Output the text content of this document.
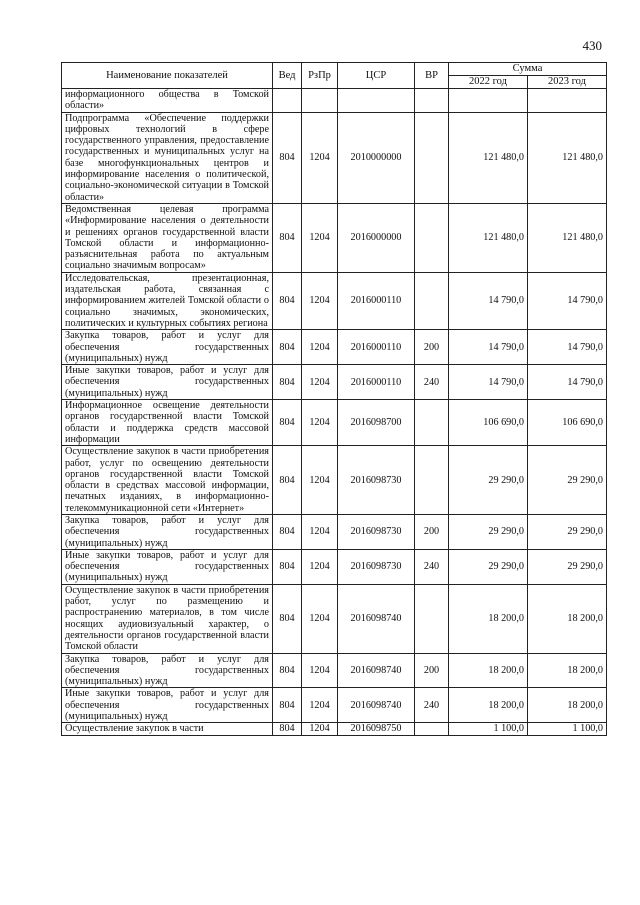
430
Наименование показателей	Вед	РзПр	ЦСР	ВР	Сумма	
					2022 год	2023 год
информационного общества в Томской области»						
Подпрограмма «Обеспечение поддержки цифровых технологий в сфере государственного управления, предоставление государственных и муниципальных услуг на базе многофункциональных центров и информирование населения о политической, социально-экономической ситуации в Томской области»	804	1204	2010000000		121 480,0	121 480,0
Ведомственная целевая программа «Информирование населения о деятельности и решениях органов государственной власти Томской области и информационно-разъяснительная работа по актуальным социально значимым вопросам»	804	1204	2016000000		121 480,0	121 480,0
Исследовательская, презентационная, издательская работа, связанная с информированием жителей Томской области о социально значимых, экономических, политических и культурных событиях региона	804	1204	2016000110		14 790,0	14 790,0
Закупка товаров, работ и услуг для обеспечения государственных (муниципальных) нужд	804	1204	2016000110	200	14 790,0	14 790,0
Иные закупки товаров, работ и услуг для обеспечения государственных (муниципальных) нужд	804	1204	2016000110	240	14 790,0	14 790,0
Информационное освещение деятельности органов государственной власти Томской области и поддержка средств массовой информации	804	1204	2016098700		106 690,0	106 690,0
Осуществление закупок в части приобретения работ, услуг по освещению деятельности органов государственной власти Томской области в средствах массовой информации, печатных изданиях, в информационно-телекоммуникационной сети «Интернет»	804	1204	2016098730		29 290,0	29 290,0
Закупка товаров, работ и услуг для обеспечения государственных (муниципальных) нужд	804	1204	2016098730	200	29 290,0	29 290,0
Иные закупки товаров, работ и услуг для обеспечения государственных (муниципальных) нужд	804	1204	2016098730	240	29 290,0	29 290,0
Осуществление закупок в части приобретения работ, услуг по размещению и распространению материалов, в том числе носящих аудиовизуальный характер, о деятельности органов государственной власти Томской области	804	1204	2016098740		18 200,0	18 200,0
Закупка товаров, работ и услуг для обеспечения государственных (муниципальных) нужд	804	1204	2016098740	200	18 200,0	18 200,0
Иные закупки товаров, работ и услуг для обеспечения государственных (муниципальных) нужд	804	1204	2016098740	240	18 200,0	18 200,0
Осуществление закупок в части	804	1204	2016098750		1 100,0	1 100,0
